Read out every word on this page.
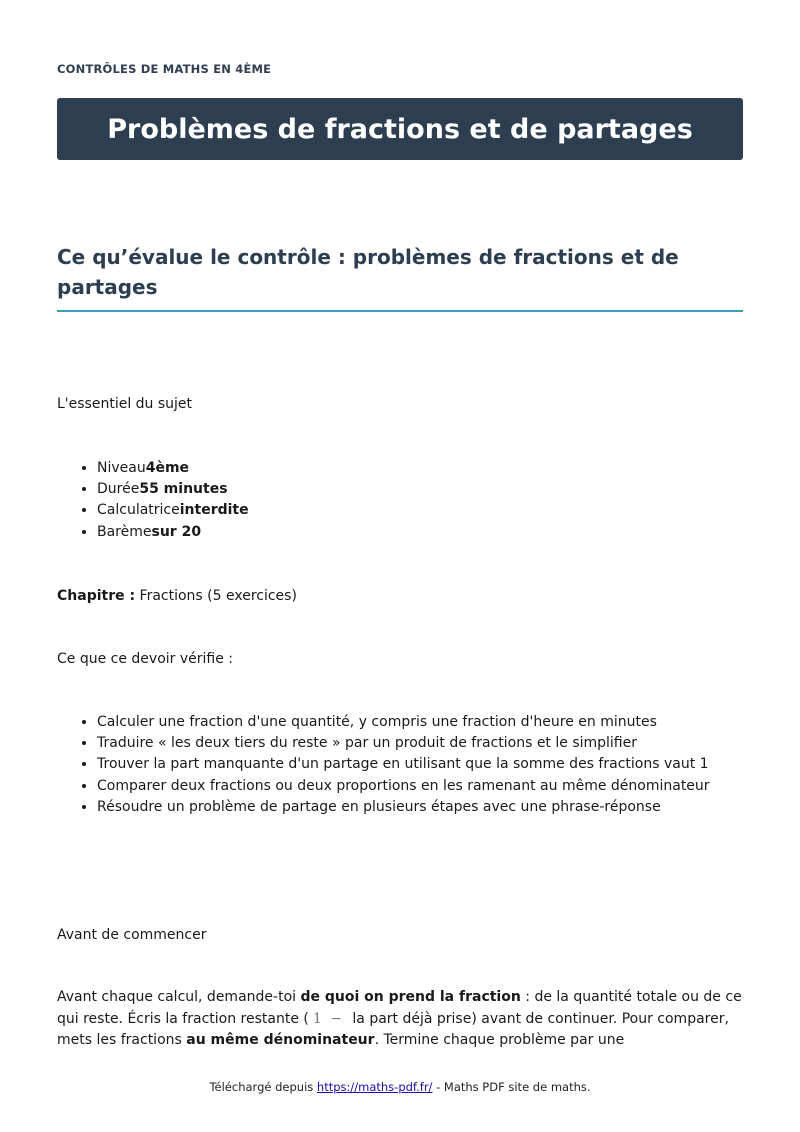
CONTRÔLES DE MATHS EN 4ÈME
Problèmes de fractions et de partages
Ce qu’évalue le contrôle : problèmes de fractions et de partages

L'essentiel du sujet

• Niveau4ème
• Durée55 minutes
• Calculatriceinterdite
• Barèmesur 20

Chapitre : Fractions (5 exercices)

Ce que ce devoir vérifie :

• Calculer une fraction d'une quantité, y compris une fraction d'heure en minutes
• Traduire « les deux tiers du reste » par un produit de fractions et le simplifier
• Trouver la part manquante d'un partage en utilisant que la somme des fractions vaut 1
• Comparer deux fractions ou deux proportions en les ramenant au même dénominateur
• Résoudre un problème de partage en plusieurs étapes avec une phrase-réponse

Avant de commencer

Avant chaque calcul, demande-toi de quoi on prend la fraction : de la quantité totale ou de ce qui reste. Écris la fraction restante ( 1 − la part déjà prise) avant de continuer. Pour comparer, mets les fractions au même dénominateur. Termine chaque problème par une

Téléchargé depuis https://maths-pdf.fr/ - Maths PDF site de maths.
